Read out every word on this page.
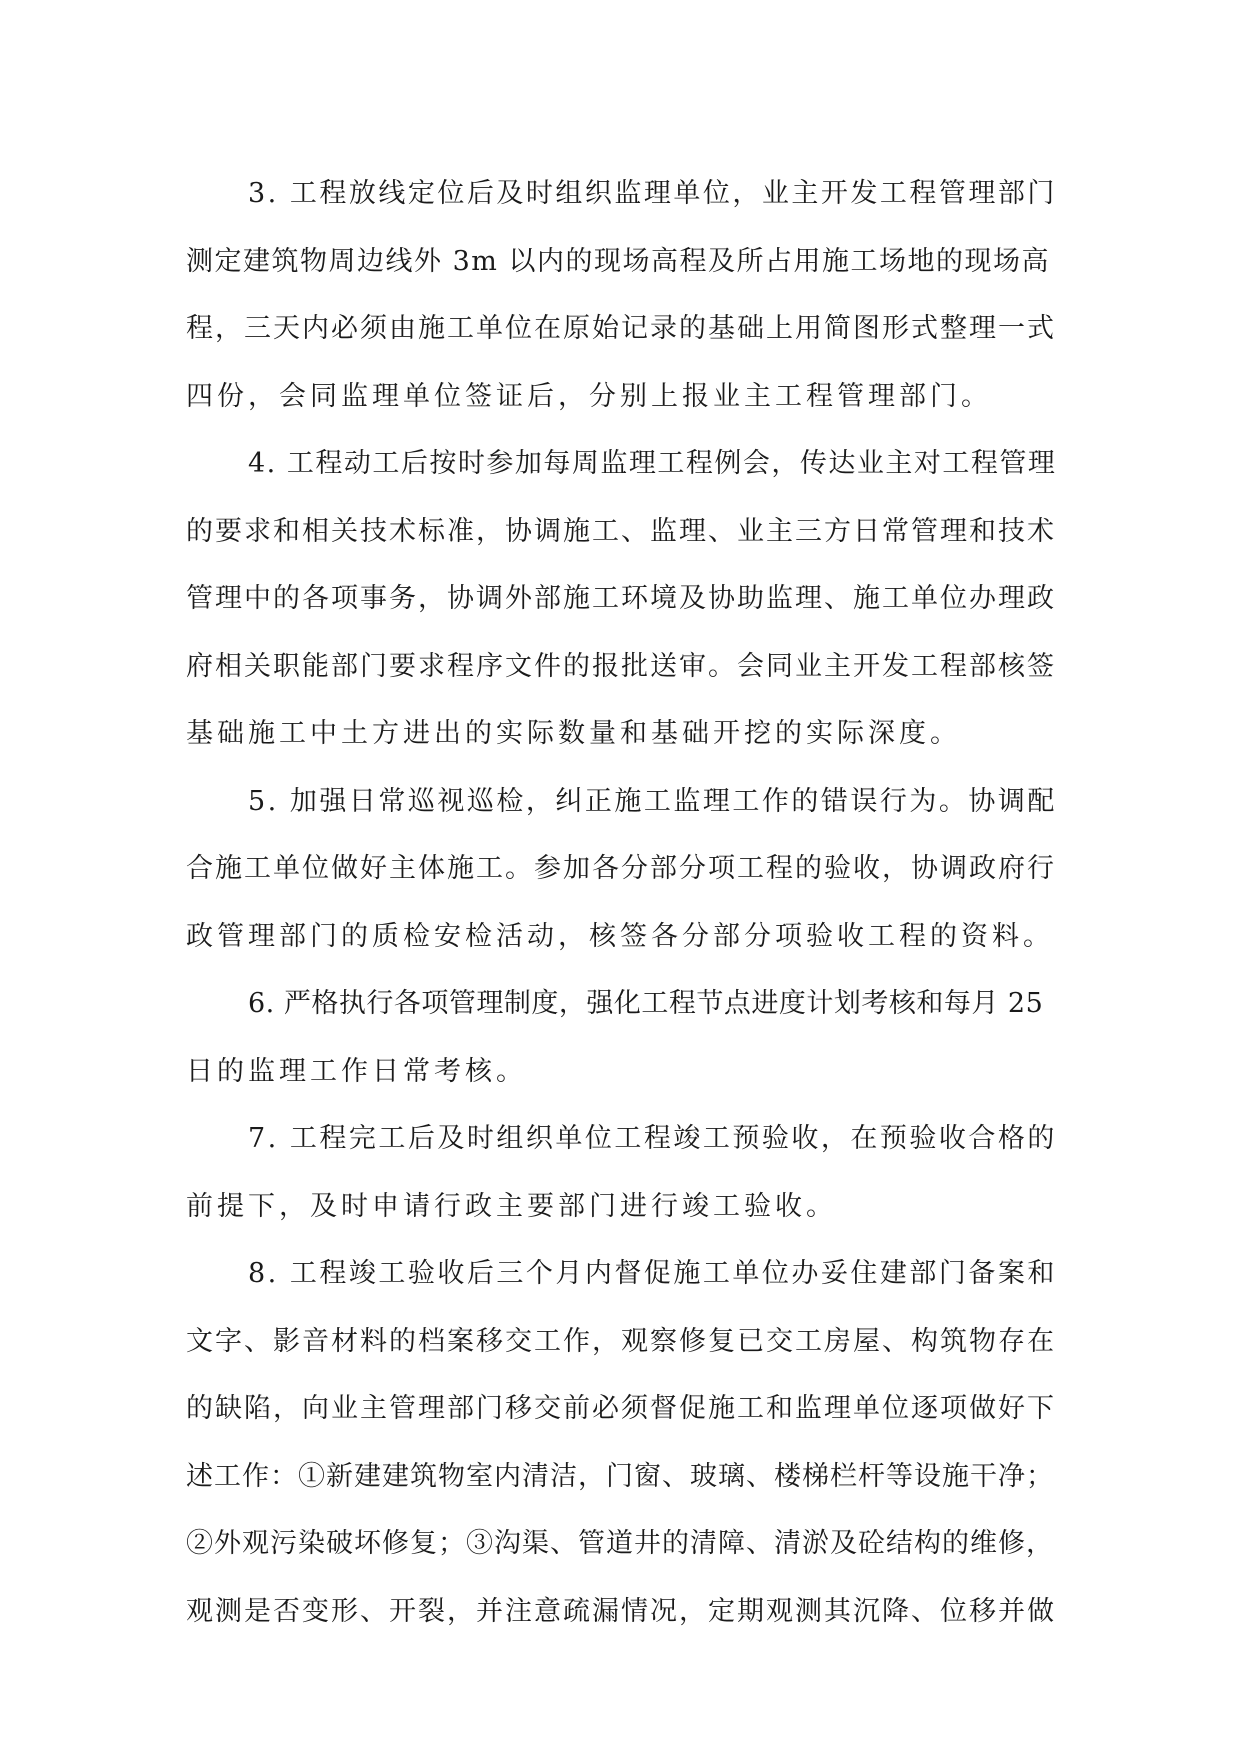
3. 工程放线定位后及时组织监理单位，业主开发工程管理部门
测定建筑物周边线外 3m 以内的现场高程及所占用施工场地的现场高
程，三天内必须由施工单位在原始记录的基础上用简图形式整理一式
四份，会同监理单位签证后，分别上报业主工程管理部门。
4. 工程动工后按时参加每周监理工程例会，传达业主对工程管理
的要求和相关技术标准，协调施工、监理、业主三方日常管理和技术
管理中的各项事务，协调外部施工环境及协助监理、施工单位办理政
府相关职能部门要求程序文件的报批送审。会同业主开发工程部核签
基础施工中土方进出的实际数量和基础开挖的实际深度。
5. 加强日常巡视巡检，纠正施工监理工作的错误行为。协调配
合施工单位做好主体施工。参加各分部分项工程的验收，协调政府行
政管理部门的质检安检活动，核签各分部分项验收工程的资料。
6. 严格执行各项管理制度，强化工程节点进度计划考核和每月 25
日的监理工作日常考核。
7. 工程完工后及时组织单位工程竣工预验收，在预验收合格的
前提下，及时申请行政主要部门进行竣工验收。
8. 工程竣工验收后三个月内督促施工单位办妥住建部门备案和
文字、影音材料的档案移交工作，观察修复已交工房屋、构筑物存在
的缺陷，向业主管理部门移交前必须督促施工和监理单位逐项做好下
述工作：①新建建筑物室内清洁，门窗、玻璃、楼梯栏杆等设施干净；
②外观污染破坏修复；③沟渠、管道井的清障、清淤及砼结构的维修，
观测是否变形、开裂，并注意疏漏情况，定期观测其沉降、位移并做
